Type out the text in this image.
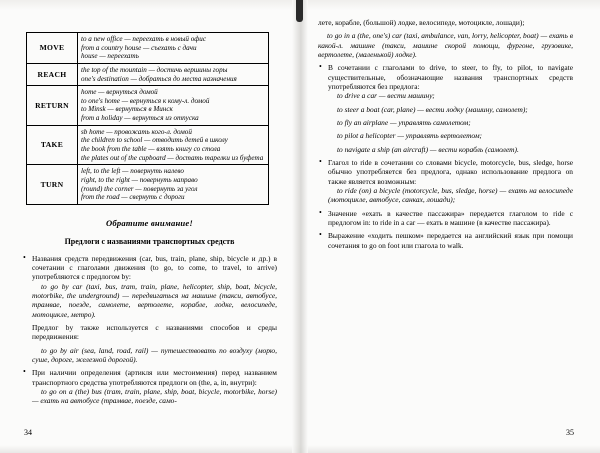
MOVE	to a new office — переехать в новый офис
from a country house — съехать с дачи
house — переехать
REACH	the top of the mountain — достичь вершины горы
one's destination — добраться до места назначения
RETURN	home — вернуться домой
to one's home — вернуться к кому-л. домой
to Minsk — вернуться в Минск
from a holiday — вернуться из отпуска
TAKE	sb home — провожать кого-л. домой
the children to school — отводить детей в школу
the book from the table — взять книгу со стола
the plates out of the cupboard — достать тарелки из буфета
TURN	left, to the left — повернуть налево
right, to the right — повернуть направо
(round) the corner — повернуть за угол
from the road — свернуть с дороги
Обратите внимание!
Предлоги с названиями транспортных средств
• Названия средств передвижения (car, bus, train, plane, ship, bicycle и др.) в сочетании с глаголами движения (to go, to come, to travel, to arrive) употребляются с предлогом by:

to go by car (taxi, bus, tram, train, plane, helicopter, ship, boat, bicycle, motorbike, the underground) — передвигаться на машине (такси, автобусе, трамвае, поезде, самолете, вертолете, корабле, лодке, велосипеде, мотоцикле, метро).

Предлог by также используется с названиями способов и среды передвижения:

to go by air (sea, land, road, rail) — путешествовать по воздуху (морю, суше, дороге, железной дорогой).

• При наличии определения (артикля или местоимения) перед названием транспортного средства употребляются предлоги on (the, а, in, внутри):

to go on a (the) bus (tram, train, plane, ship, boat, bicycle, motorbike, horse) — ехать на автобусе (трамвае, поезде, само-

лете, корабле, (большой) лодке, велосипеде, мотоцикле, лошади);

to go in a (the, one's) car (taxi, ambulance, van, lorry, helicopter, boat) — ехать в какой-л. машине (такси, машине скорой помощи, фургоне, грузовике, вертолете, (маленькой) лодке).

• В сочетании с глаголами to drive, to steer, to fly, to pilot, to navigate существительные, обозначающие названия транспортных средств употребляются без предлога:

to drive a car — вести машину;

to steer a boat (car, plane) — вести лодку (машину, самолет);

to fly an airplane — управлять самолетом;

to pilot a helicopter — управлять вертолетом;

to navigate a ship (an aircraft) — вести корабль (самолет).

• Глагол to ride в сочетании со словами bicycle, motorcycle, bus, sledge, horse обычно употребляется без предлога, однако использование предлога on также является возможным:

to ride (on) a bicycle (motorcycle, bus, sledge, horse) — ехать на велосипеде (мотоцикле, автобусе, санках, лошади);

• Значение «ехать в качестве пассажира» передается глаголом to ride с предлогом in: to ride in a car — ехать в машине (в качестве пассажира).
• Выражение «ходить пешком» передается на английский язык при помощи сочетания to go on foot или глагола to walk.
34	35
